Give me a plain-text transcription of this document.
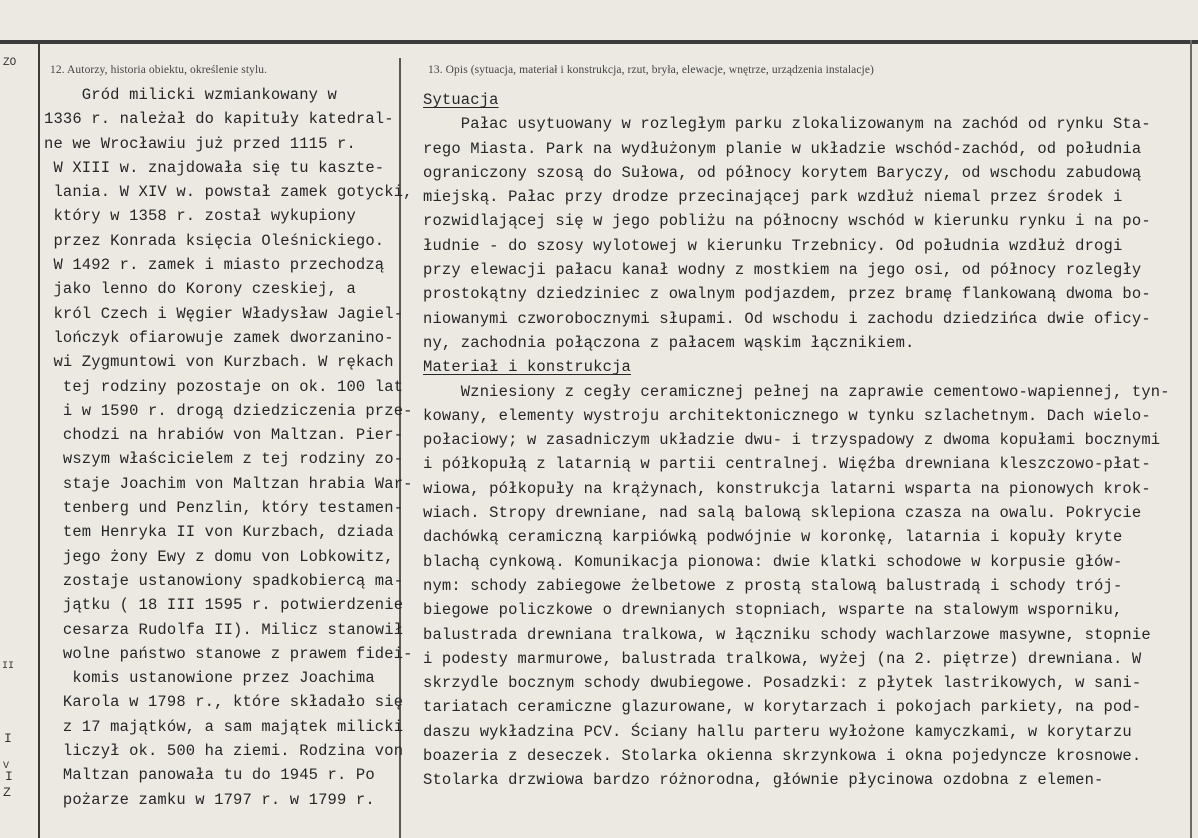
ZO
II
I
V
I
Z
12. Autorzy, historia obiektu, określenie stylu.	13. Opis (sytuacja, materiał i konstrukcja, rzut, bryła, elewacje, wnętrze, urządzenia instalacje)
Gród milicki wzmiankowany w
1336 r. należał do kapituły katedral-
ne we Wrocławiu już przed 1115 r.
W XIII w. znajdowała się tu kaszte-
lania. W XIV w. powstał zamek gotycki,
który w 1358 r. został wykupiony
przez Konrada księcia Oleśnickiego.
W 1492 r. zamek i miasto przechodzą
jako lenno do Korony czeskiej, a
król Czech i Węgier Władysław Jagiel-
lończyk ofiarowuje zamek dworzanino-
wi Zygmuntowi von Kurzbach. W rękach
tej rodziny pozostaje on ok. 100 lat
i w 1590 r. drogą dziedziczenia prze-
chodzi na hrabiów von Maltzan. Pier-
wszym właścicielem z tej rodziny zo-
staje Joachim von Maltzan hrabia War-
tenberg und Penzlin, który testamen-
tem Henryka II von Kurzbach, dziada
jego żony Ewy z domu von Lobkowitz,
zostaje ustanowiony spadkobiercą ma-
jątku ( 18 III 1595 r. potwierdzenie
cesarza Rudolfa II). Milicz stanowił
wolne państwo stanowe z prawem fidei-
komis ustanowione przez Joachima
Karola w 1798 r., które składało się
z 17 majątków, a sam majątek milicki
liczył ok. 500 ha ziemi. Rodzina von
Maltzan panowała tu do 1945 r. Po
pożarze zamku w 1797 r. w 1799 r.
Sytuacja
Pałac usytuowany w rozległym parku zlokalizowanym na zachód od rynku Sta-
rego Miasta. Park na wydłużonym planie w układzie wschód-zachód, od południa
ograniczony szosą do Sułowa, od północy korytem Baryczy, od wschodu zabudową
miejską. Pałac przy drodze przecinającej park wzdłuż niemal przez środek i
rozwidlającej się w jego pobliżu na północny wschód w kierunku rynku i na po-
łudnie - do szosy wylotowej w kierunku Trzebnicy. Od południa wzdłuż drogi
przy elewacji pałacu kanał wodny z mostkiem na jego osi, od północy rozległy
prostokątny dziedziniec z owalnym podjazdem, przez bramę flankowaną dwoma bo-
niowanymi czworobocznymi słupami. Od wschodu i zachodu dziedzińca dwie oficy-
ny, zachodnia połączona z pałacem wąskim łącznikiem.
Materiał i konstrukcja
Wzniesiony z cegły ceramicznej pełnej na zaprawie cementowo-wapiennej, tyn-
kowany, elementy wystroju architektonicznego w tynku szlachetnym. Dach wielo-
połaciowy; w zasadniczym układzie dwu- i trzyspadowy z dwoma kopułami bocznymi
i półkopułą z latarnią w partii centralnej. Więźba drewniana kleszczowo-płat-
wiowa, półkopuły na krążynach, konstrukcja latarni wsparta na pionowych krok-
wiach. Stropy drewniane, nad salą balową sklepiona czasza na owalu. Pokrycie
dachówką ceramiczną karpiówką podwójnie w koronkę, latarnia i kopuły kryte
blachą cynkową. Komunikacja pionowa: dwie klatki schodowe w korpusie głów-
nym: schody zabiegowe żelbetowe z prostą stalową balustradą i schody trój-
biegowe policzkowe o drewnianych stopniach, wsparte na stalowym wsporniku,
balustrada drewniana tralkowa, w łączniku schody wachlarzowe masywne, stopnie
i podesty marmurowe, balustrada tralkowa, wyżej (na 2. piętrze) drewniana. W
skrzydle bocznym schody dwubiegowe. Posadzki: z płytek lastrikowych, w sani-
tariatach ceramiczne glazurowane, w korytarzach i pokojach parkiety, na pod-
daszu wykładzina PCV. Ściany hallu parteru wyłożone kamyczkami, w korytarzu
boazeria z deseczek. Stolarka okienna skrzynkowa i okna pojedyncze krosnowe.
Stolarka drzwiowa bardzo różnorodna, głównie płycinowa ozdobna z elemen-
